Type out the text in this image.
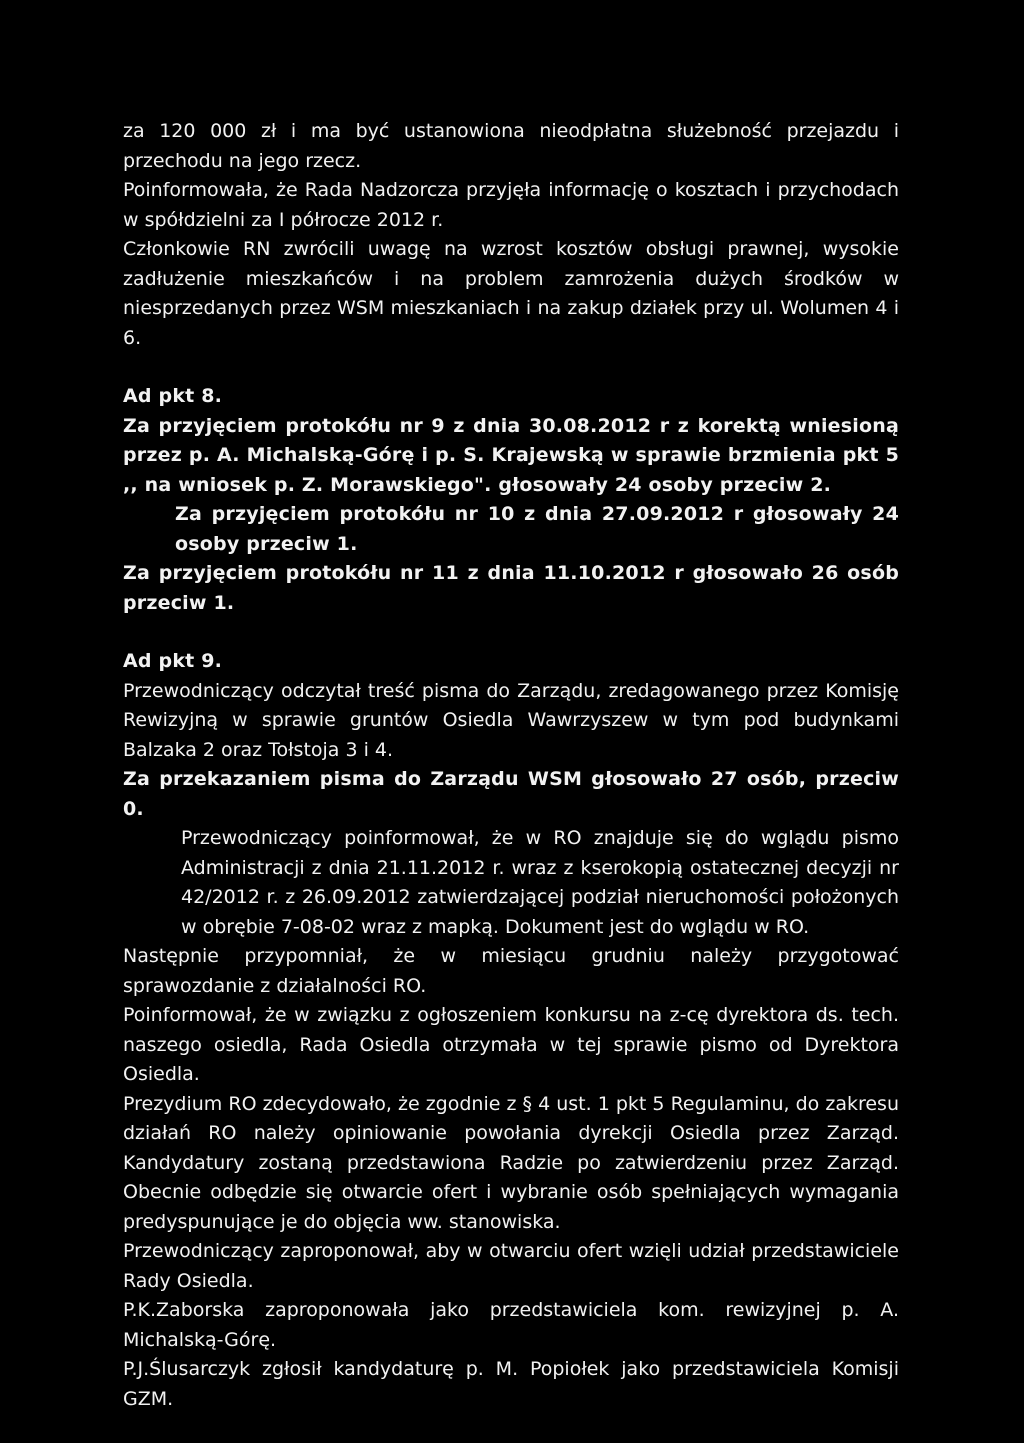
za 120 000 zł i ma być ustanowiona nieodpłatna służebność przejazdu i przechodu na jego rzecz.

Poinformowała, że Rada Nadzorcza przyjęła informację o kosztach i przychodach w spółdzielni za I półrocze 2012 r.

Członkowie RN zwrócili uwagę na wzrost kosztów obsługi prawnej, wysokie zadłużenie mieszkańców i na problem zamrożenia dużych środków w niesprzedanych przez WSM mieszkaniach i na zakup działek przy ul. Wolumen 4 i 6.

Ad pkt 8.

Za przyjęciem protokółu nr 9 z dnia 30.08.2012 r z korektą wniesioną przez p. A. Michalską-Górę i p. S. Krajewską w sprawie brzmienia pkt 5 ,, na wniosek p. Z. Morawskiego". głosowały 24 osoby przeciw 2.

Za przyjęciem protokółu nr 10 z dnia 27.09.2012 r głosowały 24 osoby przeciw 1.

Za przyjęciem protokółu nr 11 z dnia 11.10.2012 r głosowało 26 osób przeciw 1.

Ad pkt 9.

Przewodniczący odczytał treść pisma do Zarządu, zredagowanego przez Komisję Rewizyjną w sprawie gruntów Osiedla Wawrzyszew w tym pod budynkami Balzaka 2 oraz Tołstoja 3 i 4.

Za przekazaniem pisma do Zarządu WSM głosowało 27 osób, przeciw 0.

Przewodniczący poinformował, że w RO znajduje się do wglądu pismo Administracji z dnia 21.11.2012 r. wraz z kserokopią ostatecznej decyzji nr 42/2012 r. z 26.09.2012 zatwierdzającej podział nieruchomości położonych w obrębie 7-08-02 wraz z mapką. Dokument jest do wglądu w RO.

Następnie przypomniał, że w miesiącu grudniu należy przygotować sprawozdanie z działalności RO.

Poinformował, że w związku z ogłoszeniem konkursu na z-cę dyrektora ds. tech. naszego osiedla, Rada Osiedla otrzymała w tej sprawie pismo od Dyrektora Osiedla.

Prezydium RO zdecydowało, że zgodnie z § 4 ust. 1 pkt 5 Regulaminu, do zakresu działań RO należy opiniowanie powołania dyrekcji Osiedla przez Zarząd. Kandydatury zostaną przedstawiona Radzie po zatwierdzeniu przez Zarząd. Obecnie odbędzie się otwarcie ofert i wybranie osób spełniających wymagania predyspunujące je do objęcia ww. stanowiska.

Przewodniczący zaproponował, aby w otwarciu ofert wzięli udział przedstawiciele Rady Osiedla.

P.K.Zaborska zaproponowała jako przedstawiciela kom. rewizyjnej p. A. Michalską-Górę.

P.J.Ślusarczyk zgłosił kandydaturę p. M. Popiołek jako przedstawiciela Komisji GZM.
